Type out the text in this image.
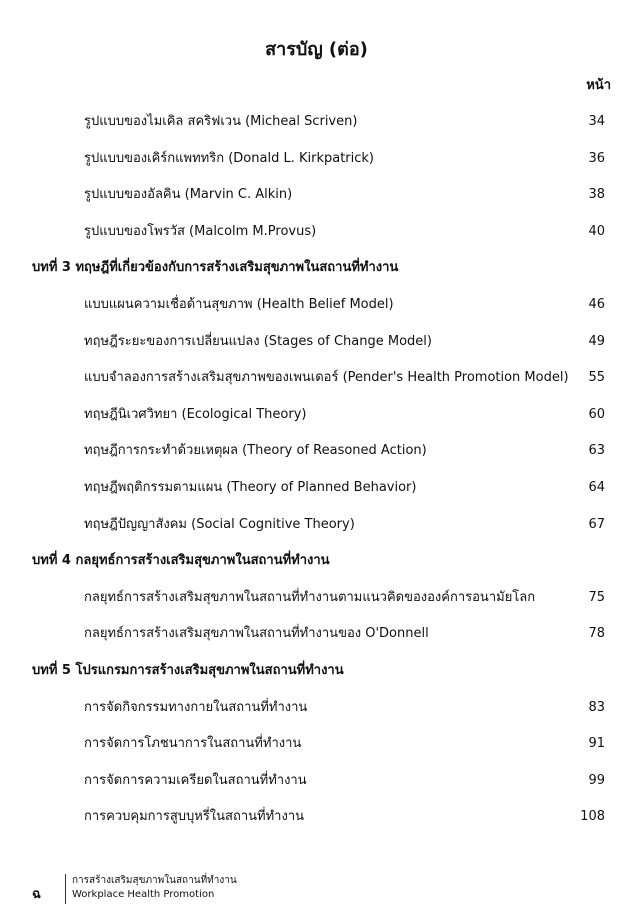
สารบัญ (ต่อ)
หน้า
รูปแบบของไมเคิล สคริฟเวน (Micheal Scriven)	34
รูปแบบของเคิร์กแพททริก (Donald L. Kirkpatrick)	36
รูปแบบของอัลคิน (Marvin C. Alkin)	38
รูปแบบของโพรวัส (Malcolm M.Provus)	40
บทที่ 3 ทฤษฎีที่เกี่ยวข้องกับการสร้างเสริมสุขภาพในสถานที่ทำงาน
แบบแผนความเชื่อด้านสุขภาพ (Health Belief Model)	46
ทฤษฎีระยะของการเปลี่ยนแปลง (Stages of Change Model)	49
แบบจำลองการสร้างเสริมสุขภาพของเพนเดอร์ (Pender's Health Promotion Model)	55
ทฤษฎีนิเวศวิทยา (Ecological Theory)	60
ทฤษฎีการกระทำด้วยเหตุผล (Theory of Reasoned Action)	63
ทฤษฎีพฤติกรรมตามแผน (Theory of Planned Behavior)	64
ทฤษฎีปัญญาสังคม (Social Cognitive Theory)	67
บทที่ 4 กลยุทธ์การสร้างเสริมสุขภาพในสถานที่ทำงาน
กลยุทธ์การสร้างเสริมสุขภาพในสถานที่ทำงานตามแนวคิดขององค์การอนามัยโลก	75
กลยุทธ์การสร้างเสริมสุขภาพในสถานที่ทำงานของ O'Donnell	78
บทที่ 5 โปรแกรมการสร้างเสริมสุขภาพในสถานที่ทำงาน
การจัดกิจกรรมทางกายในสถานที่ทำงาน	83
การจัดการโภชนาการในสถานที่ทำงาน	91
การจัดการความเครียดในสถานที่ทำงาน	99
การควบคุมการสูบบุหรี่ในสถานที่ทำงาน	108
ฉ
การสร้างเสริมสุขภาพในสถานที่ทำงาน
Workplace Health Promotion
